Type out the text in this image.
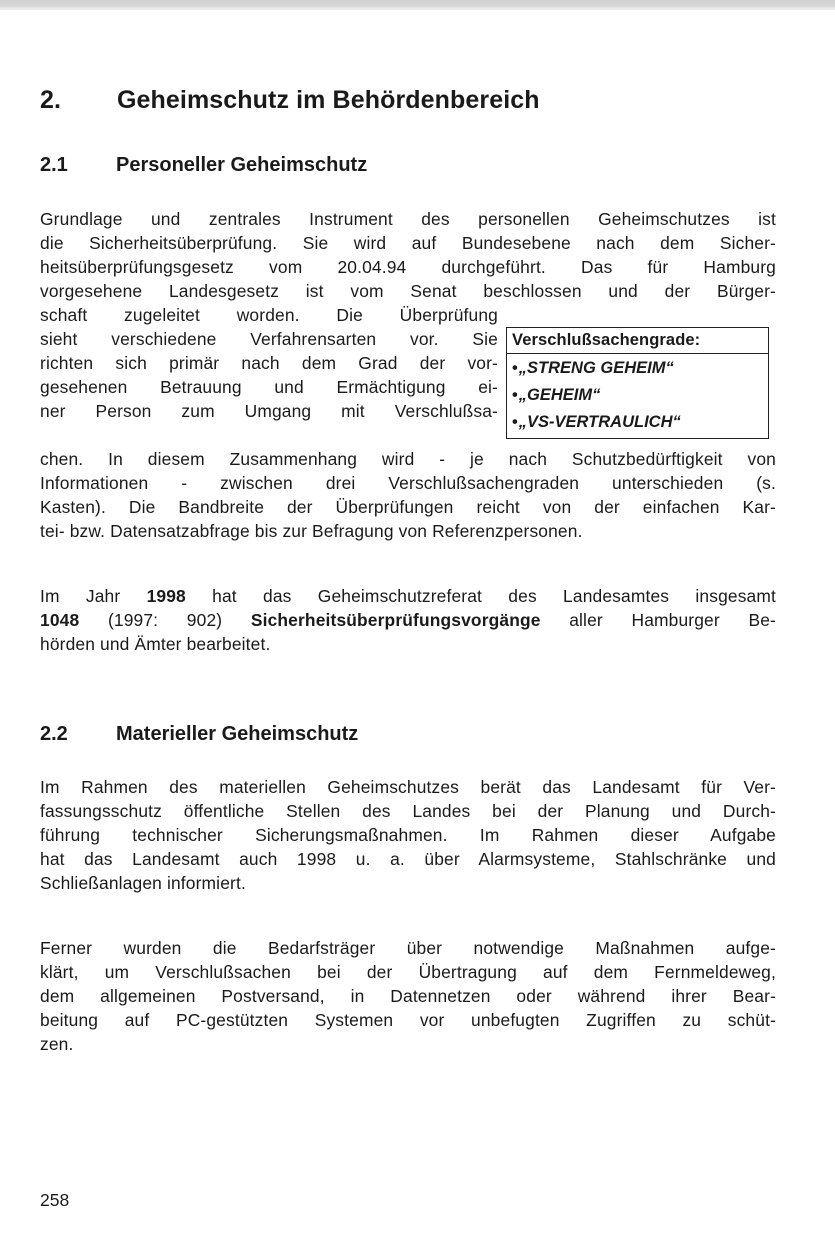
2. Geheimschutz im Behördenbereich
2.1 Personeller Geheimschutz
Grundlage und zentrales Instrument des personellen Geheimschutzes ist
die Sicherheitsüberprüfung. Sie wird auf Bundesebene nach dem Sicher-
heitsüberprüfungsgesetz vom 20.04.94 durchgeführt. Das für Hamburg
vorgesehene Landesgesetz ist vom Senat beschlossen und der Bürger-
schaft zugeleitet worden. Die Überprüfung
sieht verschiedene Verfahrensarten vor. Sie
richten sich primär nach dem Grad der vor-
gesehenen Betrauung und Ermächtigung ei-
ner Person zum Umgang mit Verschlußsa-
Verschlußsachengrade:
•„STRENG GEHEIM“
•„GEHEIM“
•„VS-VERTRAULICH“
chen. In diesem Zusammenhang wird - je nach Schutzbedürftigkeit von
Informationen - zwischen drei Verschlußsachengraden unterschieden (s.
Kasten). Die Bandbreite der Überprüfungen reicht von der einfachen Kar-
tei- bzw. Datensatzabfrage bis zur Befragung von Referenzpersonen.
Im Jahr 1998 hat das Geheimschutzreferat des Landesamtes insgesamt
1048 (1997: 902) Sicherheitsüberprüfungsvorgänge aller Hamburger Be-
hörden und Ämter bearbeitet.
2.2 Materieller Geheimschutz
Im Rahmen des materiellen Geheimschutzes berät das Landesamt für Ver-
fassungsschutz öffentliche Stellen des Landes bei der Planung und Durch-
führung technischer Sicherungsmaßnahmen. Im Rahmen dieser Aufgabe
hat das Landesamt auch 1998 u. a. über Alarmsysteme, Stahlschränke und
Schließanlagen informiert.
Ferner wurden die Bedarfsträger über notwendige Maßnahmen aufge-
klärt, um Verschlußsachen bei der Übertragung auf dem Fernmeldeweg,
dem allgemeinen Postversand, in Datennetzen oder während ihrer Bear-
beitung auf PC-gestützten Systemen vor unbefugten Zugriffen zu schüt-
zen.
258
